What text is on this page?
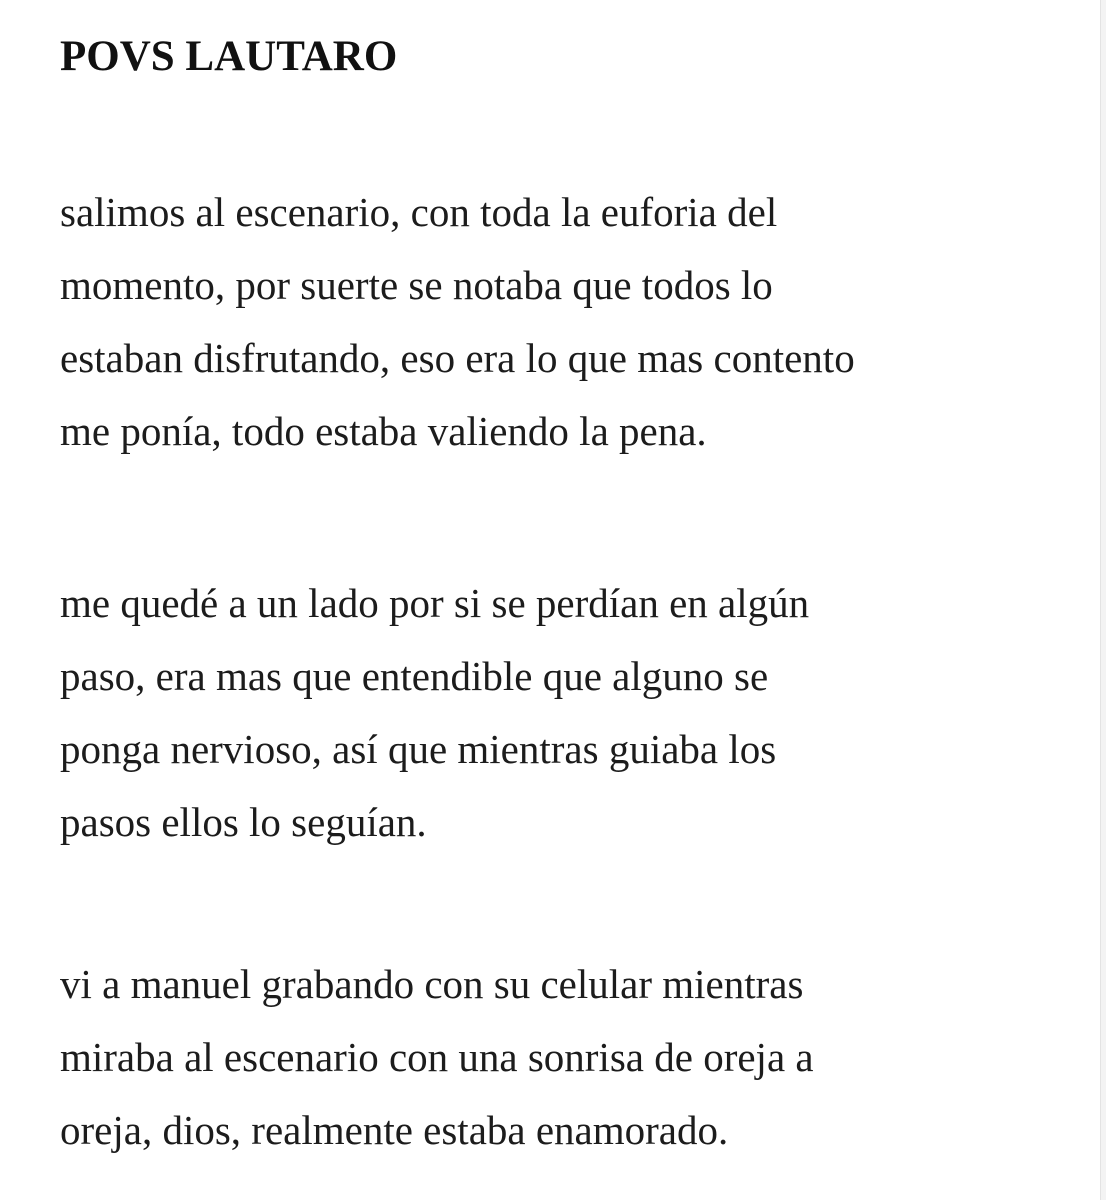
POVS LAUTARO

salimos al escenario, con toda la euforia del
momento, por suerte se notaba que todos lo
estaban disfrutando, eso era lo que mas contento
me ponía, todo estaba valiendo la pena.

me quedé a un lado por si se perdían en algún
paso, era mas que entendible que alguno se
ponga nervioso, así que mientras guiaba los
pasos ellos lo seguían.

vi a manuel grabando con su celular mientras
miraba al escenario con una sonrisa de oreja a
oreja, dios, realmente estaba enamorado.
